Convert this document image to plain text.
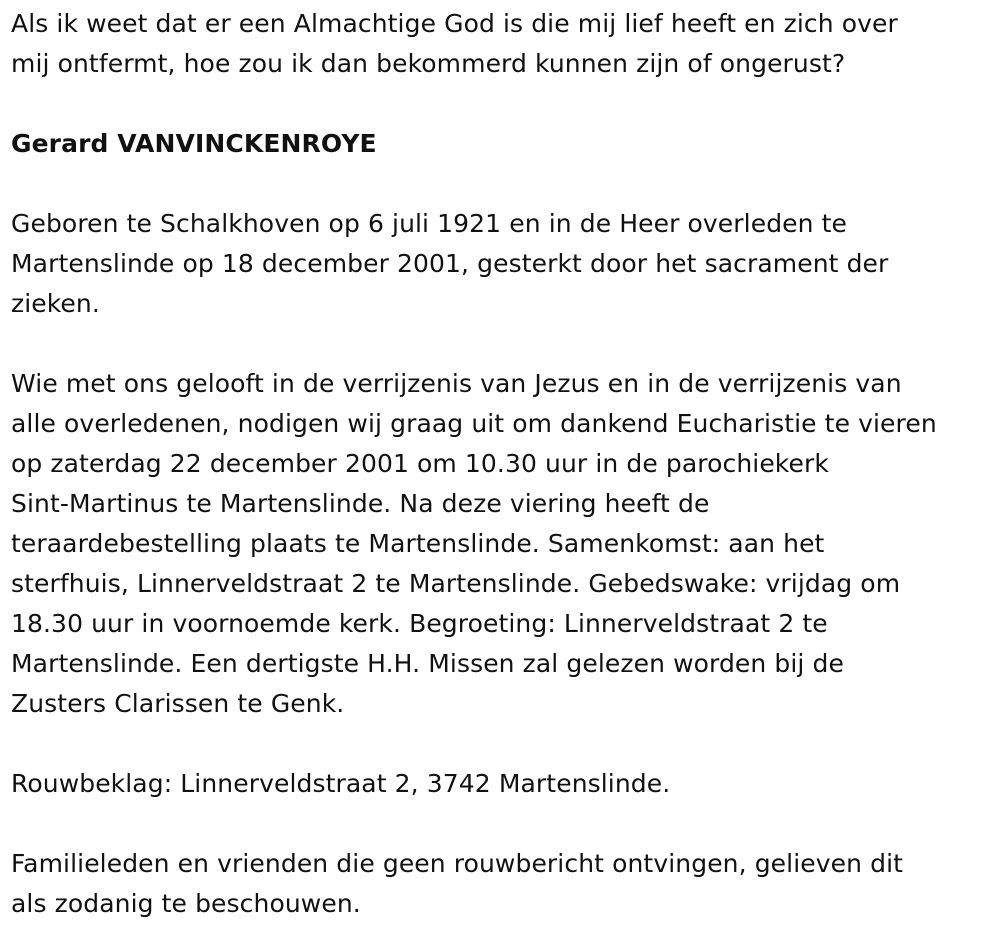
Als ik weet dat er een Almachtige God is die mij lief heeft en zich over
mij ontfermt, hoe zou ik dan bekommerd kunnen zijn of ongerust?

Gerard VANVINCKENROYE

Geboren te Schalkhoven op 6 juli 1921 en in de Heer overleden te
Martenslinde op 18 december 2001, gesterkt door het sacrament der
zieken.

Wie met ons gelooft in de verrijzenis van Jezus en in de verrijzenis van
alle overledenen, nodigen wij graag uit om dankend Eucharistie te vieren
op zaterdag 22 december 2001 om 10.30 uur in de parochiekerk
Sint-Martinus te Martenslinde. Na deze viering heeft de
teraardebestelling plaats te Martenslinde. Samenkomst: aan het
sterfhuis, Linnerveldstraat 2 te Martenslinde. Gebedswake: vrijdag om
18.30 uur in voornoemde kerk. Begroeting: Linnerveldstraat 2 te
Martenslinde. Een dertigste H.H. Missen zal gelezen worden bij de
Zusters Clarissen te Genk.

Rouwbeklag: Linnerveldstraat 2, 3742 Martenslinde.

Familieleden en vrienden die geen rouwbericht ontvingen, gelieven dit
als zodanig te beschouwen.
